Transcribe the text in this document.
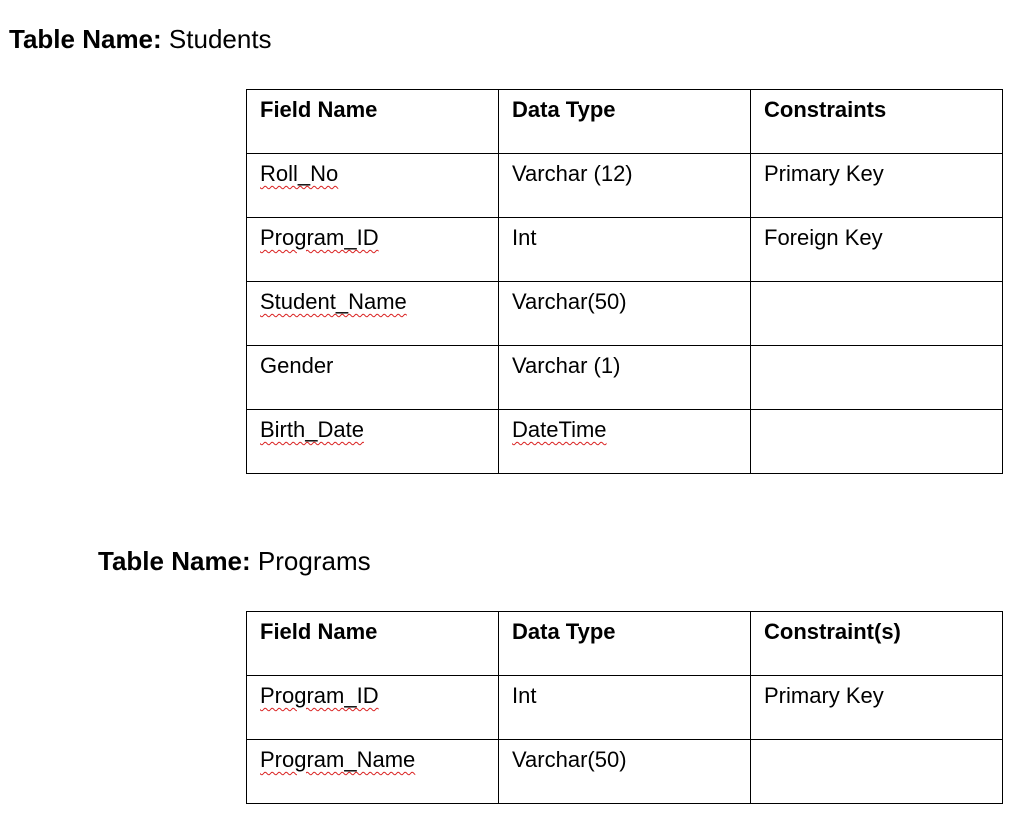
Table Name: Students
Field Name	Data Type	Constraints
Roll_No	Varchar (12)	Primary Key
Program_ID	Int	Foreign Key
Student_Name	Varchar(50)	
Gender	Varchar (1)	
Birth_Date	DateTime	
Table Name: Programs
Field Name	Data Type	Constraint(s)
Program_ID	Int	Primary Key
Program_Name	Varchar(50)	
